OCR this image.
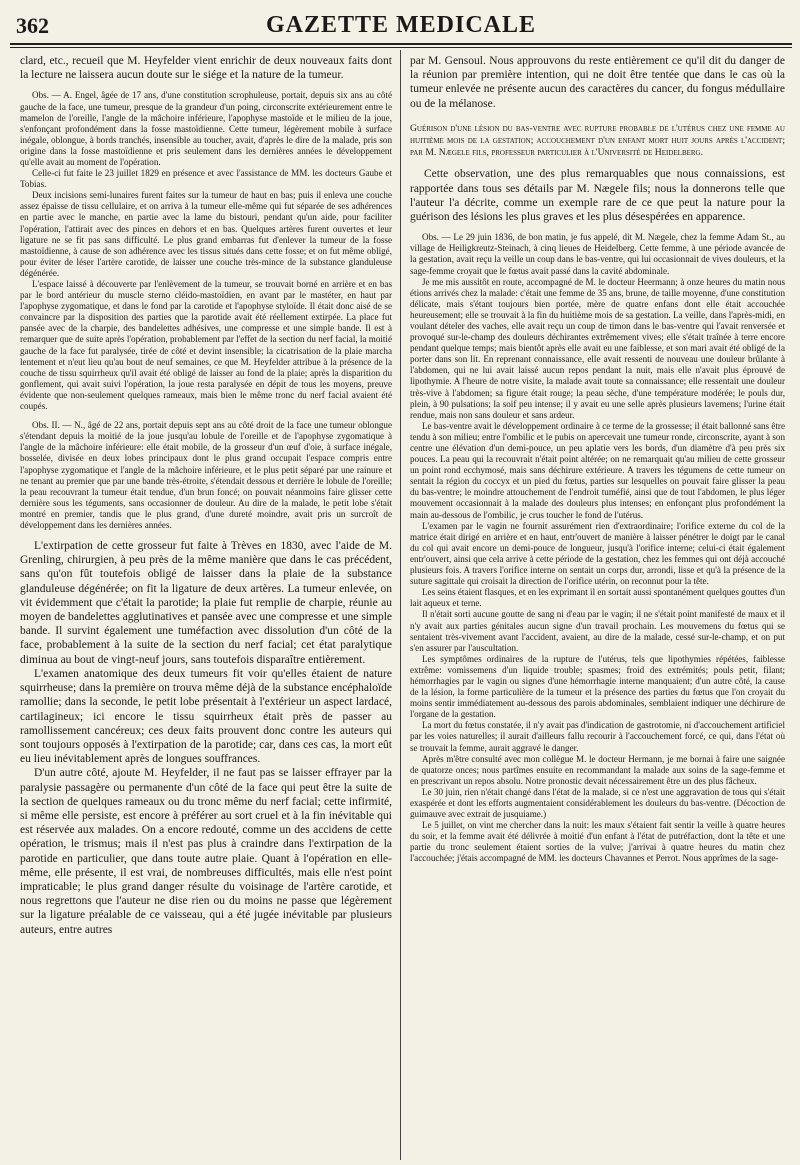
362	GAZETTE MEDICALE

clard, etc., recueil que M. Heyfelder vient enrichir de deux nouveaux faits dont la lecture ne laissera aucun doute sur le siége et la nature de la tumeur.

Obs. — A. Engel, âgée de 17 ans, d'une constitution scrophuleuse, portait, depuis six ans au côté gauche de la face, une tumeur, presque de la grandeur d'un poing, circonscrite extérieurement entre le mamelon de l'oreille, l'angle de la mâchoire inférieure, l'apophyse mastoïde et le milieu de la joue, s'enfonçant profondément dans la fosse mastoïdienne. Cette tumeur, légèrement mobile à surface inégale, oblongue, à bords tranchés, insensible au toucher, avait, d'après le dire de la malade, pris son origine dans la fosse mastoïdienne et pris seulement dans les dernières années le développement qu'elle avait au moment de l'opération.

Celle-ci fut faite le 23 juillet 1829 en présence et avec l'assistance de MM. les docteurs Gaube et Tobias.

Deux incisions semi-lunaires furent faites sur la tumeur de haut en bas; puis il enleva une couche assez épaisse de tissu cellulaire, et on arriva à la tumeur elle-même qui fut séparée de ses adhérences en partie avec le manche, en partie avec la lame du bistouri, pendant qu'un aide, pour faciliter l'opération, l'attirait avec des pinces en dehors et en bas. Quelques artères furent ouvertes et leur ligature ne se fit pas sans difficulté. Le plus grand embarras fut d'enlever la tumeur de la fosse mastoïdienne, à cause de son adhérence avec les tissus situés dans cette fosse; et on fut même obligé, pour éviter de léser l'artère carotide, de laisser une couche très-mince de la substance glanduleuse dégénérée.

L'espace laissé à découverte par l'enlèvement de la tumeur, se trouvait borné en arrière et en bas par le bord antérieur du muscle sterno cléido-mastoïdien, en avant par le mastéter, en haut par l'apophyse zygomatique, et dans le fond par la carotide et l'apophyse styloïde. Il était donc aisé de se convaincre par la disposition des parties que la parotide avait été réellement extirpée. La place fut pansée avec de la charpie, des bandelettes adhésives, une compresse et une simple bande. Il est à remarquer que de suite après l'opération, probablement par l'effet de la section du nerf facial, la moitié gauche de la face fut paralysée, tirée de côté et devint insensible; la cicatrisation de la plaie marcha lentement et n'eut lieu qu'au bout de neuf semaines, ce que M. Heyfelder attribue à la présence de la couche de tissu squirrheux qu'il avait été obligé de laisser au fond de la plaie; après la disparition du gonflement, qui avait suivi l'opération, la joue resta paralysée en dépit de tous les moyens, preuve évidente que non-seulement quelques rameaux, mais bien le même tronc du nerf facial avaient été coupés.

Obs. II. — N., âgé de 22 ans, portait depuis sept ans au côté droit de la face une tumeur oblongue s'étendant depuis la moitié de la joue jusqu'au lobule de l'oreille et de l'apophyse zygomatique à l'angle de la mâchoire inférieure: elle était mobile, de la grosseur d'un œuf d'oie, à surface inégale, bosselée, divisée en deux lobes principaux dont le plus grand occupait l'espace compris entre l'apophyse zygomatique et l'angle de la mâchoire inférieure, et le plus petit séparé par une rainure et ne tenant au premier que par une bande très-étroite, s'étendait dessous et derrière le lobule de l'oreille; la peau recouvrant la tumeur était tendue, d'un brun foncé; on pouvait néanmoins faire glisser cette dernière sous les téguments, sans occasionner de douleur. Au dire de la malade, le petit lobe s'était montré en premier, tandis que le plus grand, d'une dureté moindre, avait pris un surcroît de développement dans les dernières années.

L'extirpation de cette grosseur fut faite à Trèves en 1830, avec l'aide de M. Grenling, chirurgien, à peu près de la même manière que dans le cas précédent, sans qu'on fût toutefois obligé de laisser dans la plaie de la substance glanduleuse dégénérée; on fit la ligature de deux artères. La tumeur enlevée, on vit évidemment que c'était la parotide; la plaie fut remplie de charpie, réunie au moyen de bandelettes agglutinatives et pansée avec une compresse et une simple bande. Il survint également une tuméfaction avec dissolution d'un côté de la face, probablement à la suite de la section du nerf facial; cet état paralytique diminua au bout de vingt-neuf jours, sans toutefois disparaître entièrement.

L'examen anatomique des deux tumeurs fit voir qu'elles étaient de nature squirrheuse; dans la première on trouva même déjà de la substance encéphaloïde ramollie; dans la seconde, le petit lobe présentait à l'extérieur un aspect lardacé, cartilagineux; ici encore le tissu squirrheux était près de passer au ramollissement cancéreux; ces deux faits prouvent donc contre les auteurs qui sont toujours opposés à l'extirpation de la parotide; car, dans ces cas, la mort eût eu lieu inévitablement après de longues souffrances.

D'un autre côté, ajoute M. Heyfelder, il ne faut pas se laisser effrayer par la paralysie passagère ou permanente d'un côté de la face qui peut être la suite de la section de quelques rameaux ou du tronc même du nerf facial; cette infirmité, si même elle persiste, est encore à préférer au sort cruel et à la fin inévitable qui est réservée aux malades. On a encore redouté, comme un des accidens de cette opération, le trismus; mais il n'est pas plus à craindre dans l'extirpation de la parotide en particulier, que dans toute autre plaie. Quant à l'opération en elle-même, elle présente, il est vrai, de nombreuses difficultés, mais elle n'est point impraticable; le plus grand danger résulte du voisinage de l'artère carotide, et nous regrettons que l'auteur ne dise rien ou du moins ne passe que légèrement sur la ligature préalable de ce vaisseau, qui a été jugée inévitable par plusieurs auteurs, entre autres

par M. Gensoul. Nous approuvons du reste entièrement ce qu'il dit du danger de la réunion par première intention, qui ne doit être tentée que dans le cas où la tumeur enlevée ne présente aucun des caractères du cancer, du fongus médullaire ou de la mélanose.

Guérison d'une lésion du bas-ventre avec rupture probable de l'utérus chez une femme au huitième mois de la gestation; accouchement d'un enfant mort huit jours après l'accident; par M. Nægele fils, professeur particulier à l'Université de Heidelberg.

Cette observation, une des plus remarquables que nous connaissions, est rapportée dans tous ses détails par M. Nægele fils; nous la donnerons telle que l'auteur l'a décrite, comme un exemple rare de ce que peut la nature pour la guérison des lésions les plus graves et les plus désespérées en apparence.

Obs. — Le 29 juin 1836, de bon matin, je fus appelé, dit M. Nægele, chez la femme Adam St., au village de Heiligkreutz-Steinach, à cinq lieues de Heidelberg. Cette femme, à une période avancée de la gestation, avait reçu la veille un coup dans le bas-ventre, qui lui occasionnait de vives douleurs, et la sage-femme croyait que le fœtus avait passé dans la cavité abdominale.

Je me mis aussitôt en route, accompagné de M. le docteur Heermann; à onze heures du matin nous étions arrivés chez la malade: c'était une femme de 35 ans, brune, de taille moyenne, d'une constitution délicate, mais s'étant toujours bien portée, mère de quatre enfans dont elle était accouchée heureusement; elle se trouvait à la fin du huitième mois de sa gestation. La veille, dans l'après-midi, en voulant dételer des vaches, elle avait reçu un coup de timon dans le bas-ventre qui l'avait renversée et provoqué sur-le-champ des douleurs déchirantes extrêmement vives; elle s'était traînée à terre encore pendant quelque temps; mais bientôt après elle avait eu une faiblesse, et son mari avait été obligé de la porter dans son lit. En reprenant connaissance, elle avait ressenti de nouveau une douleur brûlante à l'abdomen, qui ne lui avait laissé aucun repos pendant la nuit, mais elle n'avait plus éprouvé de lipothymie. A l'heure de notre visite, la malade avait toute sa connaissance; elle ressentait une douleur très-vive à l'abdomen; sa figure était rouge; la peau sèche, d'une température modérée; le pouls dur, plein, à 90 pulsations; la soif peu intense; il y avait eu une selle après plusieurs lavemens; l'urine était rendue, mais non sans douleur et sans ardeur.

Le bas-ventre avait le développement ordinaire à ce terme de la grossesse; il était ballonné sans être tendu à son milieu; entre l'ombilic et le pubis on apercevait une tumeur ronde, circonscrite, ayant à son centre une élévation d'un demi-pouce, un peu aplatie vers les bords, d'un diamètre d'à peu près six pouces. La peau qui la recouvrait n'était point altérée; on ne remarquait qu'au milieu de cette grosseur un point rond ecchymosé, mais sans déchirure extérieure. A travers les tégumens de cette tumeur on sentait la région du coccyx et un pied du fœtus, parties sur lesquelles on pouvait faire glisser la peau du bas-ventre; le moindre attouchement de l'endroit tuméfié, ainsi que de tout l'abdomen, le plus léger mouvement occasionnait à la malade des douleurs plus intenses; en enfonçant plus profondément la main au-dessous de l'ombilic, je crus toucher le fond de l'utérus.

L'examen par le vagin ne fournit assurément rien d'extraordinaire; l'orifice externe du col de la matrice était dirigé en arrière et en haut, entr'ouvert de manière à laisser pénétrer le doigt par le canal du col qui avait encore un demi-pouce de longueur, jusqu'à l'orifice interne; celui-ci était également entr'ouvert, ainsi que cela arrive à cette période de la gestation, chez les femmes qui ont déjà accouché plusieurs fois. A travers l'orifice interne on sentait un corps dur, arrondi, lisse et qu'à la présence de la suture sagittale qui croisait la direction de l'orifice utérin, on reconnut pour la tête.

Les seins étaient flasques, et en les exprimant il en sortait aussi spontanément quelques gouttes d'un lait aqueux et terne.

Il n'était sorti aucune goutte de sang ni d'eau par le vagin; il ne s'était point manifesté de maux et il n'y avait aux parties génitales aucun signe d'un travail prochain. Les mouvemens du fœtus qui se sentaient très-vivement avant l'accident, avaient, au dire de la malade, cessé sur-le-champ, et on put s'en assurer par l'auscultation.

Les symptômes ordinaires de la rupture de l'utérus, tels que lipothymies répétées, faiblesse extrême: vomissemens d'un liquide trouble; spasmes; froid des extrémités; pouls petit, filant; hémorrhagies par le vagin ou signes d'une hémorrhagie interne manquaient; d'un autre côté, la cause de la lésion, la forme particulière de la tumeur et la présence des parties du fœtus que l'on croyait du moins sentir immédiatement au-dessous des parois abdominales, semblaient indiquer une déchirure de l'organe de la gestation.

La mort du fœtus constatée, il n'y avait pas d'indication de gastrotomie, ni d'accouchement artificiel par les voies naturelles; il aurait d'ailleurs fallu recourir à l'accouchement forcé, ce qui, dans l'état où se trouvait la femme, aurait aggravé le danger.

Après m'être consulté avec mon collègue M. le docteur Hermann, je me bornai à faire une saignée de quatorze onces; nous partîmes ensuite en recommandant la malade aux soins de la sage-femme et en prescrivant un repos absolu. Notre pronostic devait nécessairement être un des plus fâcheux.

Le 30 juin, rien n'était changé dans l'état de la malade, si ce n'est une aggravation de tous qui s'était exaspérée et dont les efforts augmentaient considérablement les douleurs du bas-ventre. (Décoction de guimauve avec extrait de jusquiame.)

Le 5 juillet, on vint me chercher dans la nuit: les maux s'étaient fait sentir la veille à quatre heures du soir, et la femme avait été délivrée à moitié d'un enfant à l'état de putréfaction, dont la tête et une partie du tronc seulement étaient sorties de la vulve; j'arrivai à quatre heures du matin chez l'accouchée; j'étais accompagné de MM. les docteurs Chavannes et Perrot. Nous apprîmes de la sage-
